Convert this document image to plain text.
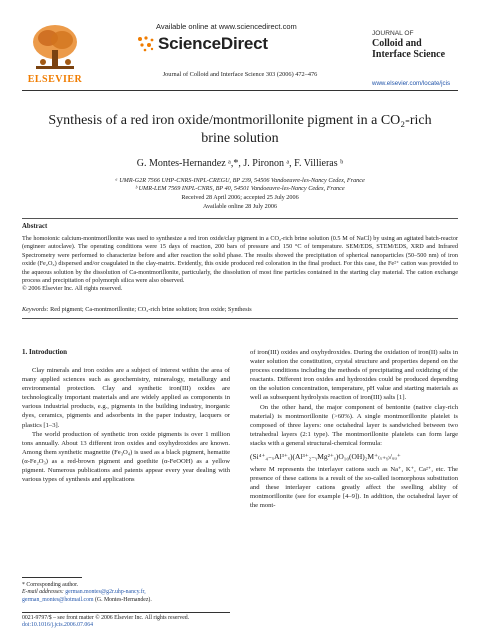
ELSEVIER
Available online at www.sciencedirect.com
ScienceDirect
Journal of Colloid and Interface Science 303 (2006) 472–476
JOURNAL OF
Colloid and
Interface Science
www.elsevier.com/locate/jcis
Synthesis of a red iron oxide/montmorillonite pigment in a CO₂-rich
brine solution
G. Montes-Hernandez ᵃ,*, J. Pironon ᵃ, F. Villieras ᵇ
ᵃ UMR-G2R 7566 UHP-CNRS-INPL-CREGU, BP 239, 54506 Vandoeuvre-les-Nancy Cedex, France
ᵇ UMR-LEM 7569 INPL-CNRS, BP 40, 54501 Vandoeuvre-les-Nancy Cedex, France
Received 28 April 2006; accepted 25 July 2006
Available online 28 July 2006
Abstract
The homoionic calcium-montmorillonite was used to synthesize a red iron oxide/clay pigment in a CO₂-rich brine solution (0.5 M of NaCl) by using an agitated batch-reactor (engineer autoclave). The operating conditions were 15 days of reaction, 200 bars of pressure and 150 °C of temperature. SEM/EDS, STEM/EDS, XRD and Infrared Spectrometry were performed to characterize before and after reaction the solid phase. The results showed the precipitation of spherical nanoparticles (50–500 nm) of iron oxide (Fe₂O₃) dispersed and/or coagulated in the clay-matrix. Evidently, this oxide produced red coloration in the final product. For this case, the Fe²⁺ cation was provided to the aqueous solution by the dissolution of Ca-montmorillonite, particularly, the dissolution of most fine particles contained in the starting clay material. The cation exchange process and precipitation of polymorph silica were also observed.
© 2006 Elsevier Inc. All rights reserved.
Keywords: Red pigment; Ca-montmorillonite; CO₂-rich brine solution; Iron oxide; Synthesis
1. Introduction

Clay minerals and iron oxides are a subject of interest within the area of many applied sciences such as geochemistry, mineralogy, metallurgy and environmental protection. Clay and synthetic iron(III) oxides are technologically important materials and are widely applied as components in various industrial products, e.g., pigments in the building industry, inorganic dyes, ceramics, pigments and adsorbents in the paper industry, lacquers or plastics [1–3].

The world production of synthetic iron oxide pigments is over 1 million tons annually. About 13 different iron oxides and oxyhydroxides are known. Among them synthetic magnetite (Fe₃O₄) is used as a black pigment, hematite (α-Fe₂O₃) as a red-brown pigment and goethite (α-FeOOH) as a yellow pigment. Numerous publications and patents appear every year dealing with various types of synthesis and applications

of iron(III) oxides and oxyhydroxides. During the oxidation of iron(II) salts in water solution the constitution, crystal structure and properties depend on the process conditions including the methods of precipitating and oxidizing of the reactants. Different iron oxides and hydroxides could be produced depending on the solution concentration, temperature, pH value and starting materials as well as subsequent hydrolysis reaction of iron(III) salts [1].

On the other hand, the major component of bentonite (native clay-rich material) is montmorillonite (>60%). A single montmorillonite platelet is composed of three layers: one octahedral layer is sandwiched between two tetrahedral layers (2:1 type). The montmorillonite platelets can form large stacks with a general structural-chemical formula:

(Si⁴⁺₄₋ₓAl³⁺ₓ)(Al³⁺₂₋ᵧMg²⁺ᵧ)O₁₀(OH)₂M⁺₍ₓ₊ᵧ₎/ᵤᵤ⁺

where M represents the interlayer cations such as Na⁺, K⁺, Ca²⁺, etc. The presence of these cations is a result of the so-called isomorphous substitution and these interlayer cations greatly affect the swelling ability of montmorillonite (see for example [4–9]). In addition, the octahedral layer of the mont-

* Corresponding author.
E-mail addresses: german.montes@g2r.uhp-nancy.fr,
german_montes@hotmail.com (G. Montes-Hernandez).
0021-9797/$ – see front matter © 2006 Elsevier Inc. All rights reserved.
doi:10.1016/j.jcis.2006.07.064
